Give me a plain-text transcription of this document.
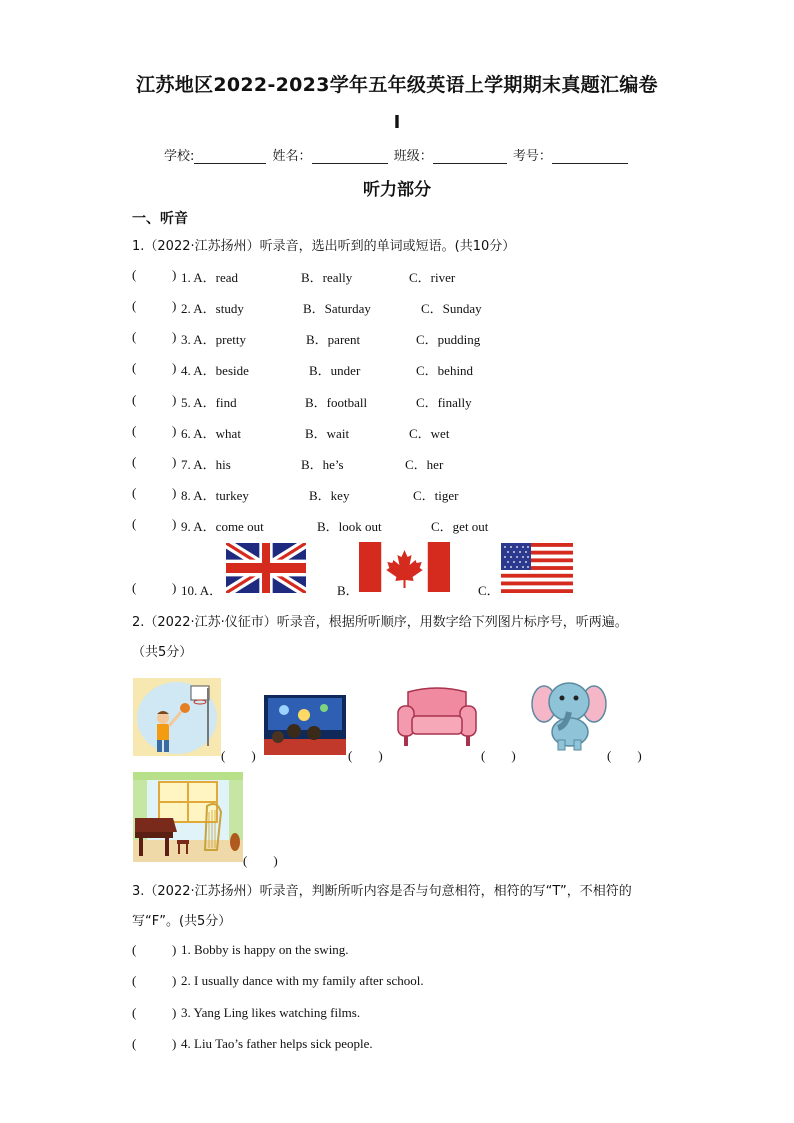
江苏地区2022-2023学年五年级英语上学期期末真题汇编卷
Ⅰ
学校:	姓名：	班级：	考号：
听力部分
一、听音
1.（2022·江苏扬州）听录音，选出听到的单词或短语。(共10分）
(	) 1. A．read	B．really	C．river
(	) 2. A．study	B．Saturday	C．Sunday
(	) 3. A．pretty	B．parent	C．pudding
(	) 4. A．beside	B．under	C．behind
(	) 5. A．find	B．football	C．finally
(	) 6. A．what	B．wait	C．wet
(	) 7. A．his	B．he’s	C．her
(	) 8. A．turkey	B．key	C．tiger
(	) 9. A．come out	B．look out	C．get out
(	) 10. A．	B．	C．
2.（2022·江苏·仪征市）听录音，根据所听顺序，用数字给下列图片标序号，听两遍。
（共5分）
(　　)	(　　)	(　　)	(　　)
(　　)
3.（2022·江苏扬州）听录音，判断所听内容是否与句意相符，相符的写“T”，不相符的
写“F”。(共5分）
(	) 1. Bobby is happy on the swing.
(	) 2. I usually dance with my family after school.
(	) 3. Yang Ling likes watching films.
(	) 4. Liu Tao’s father helps sick people.
